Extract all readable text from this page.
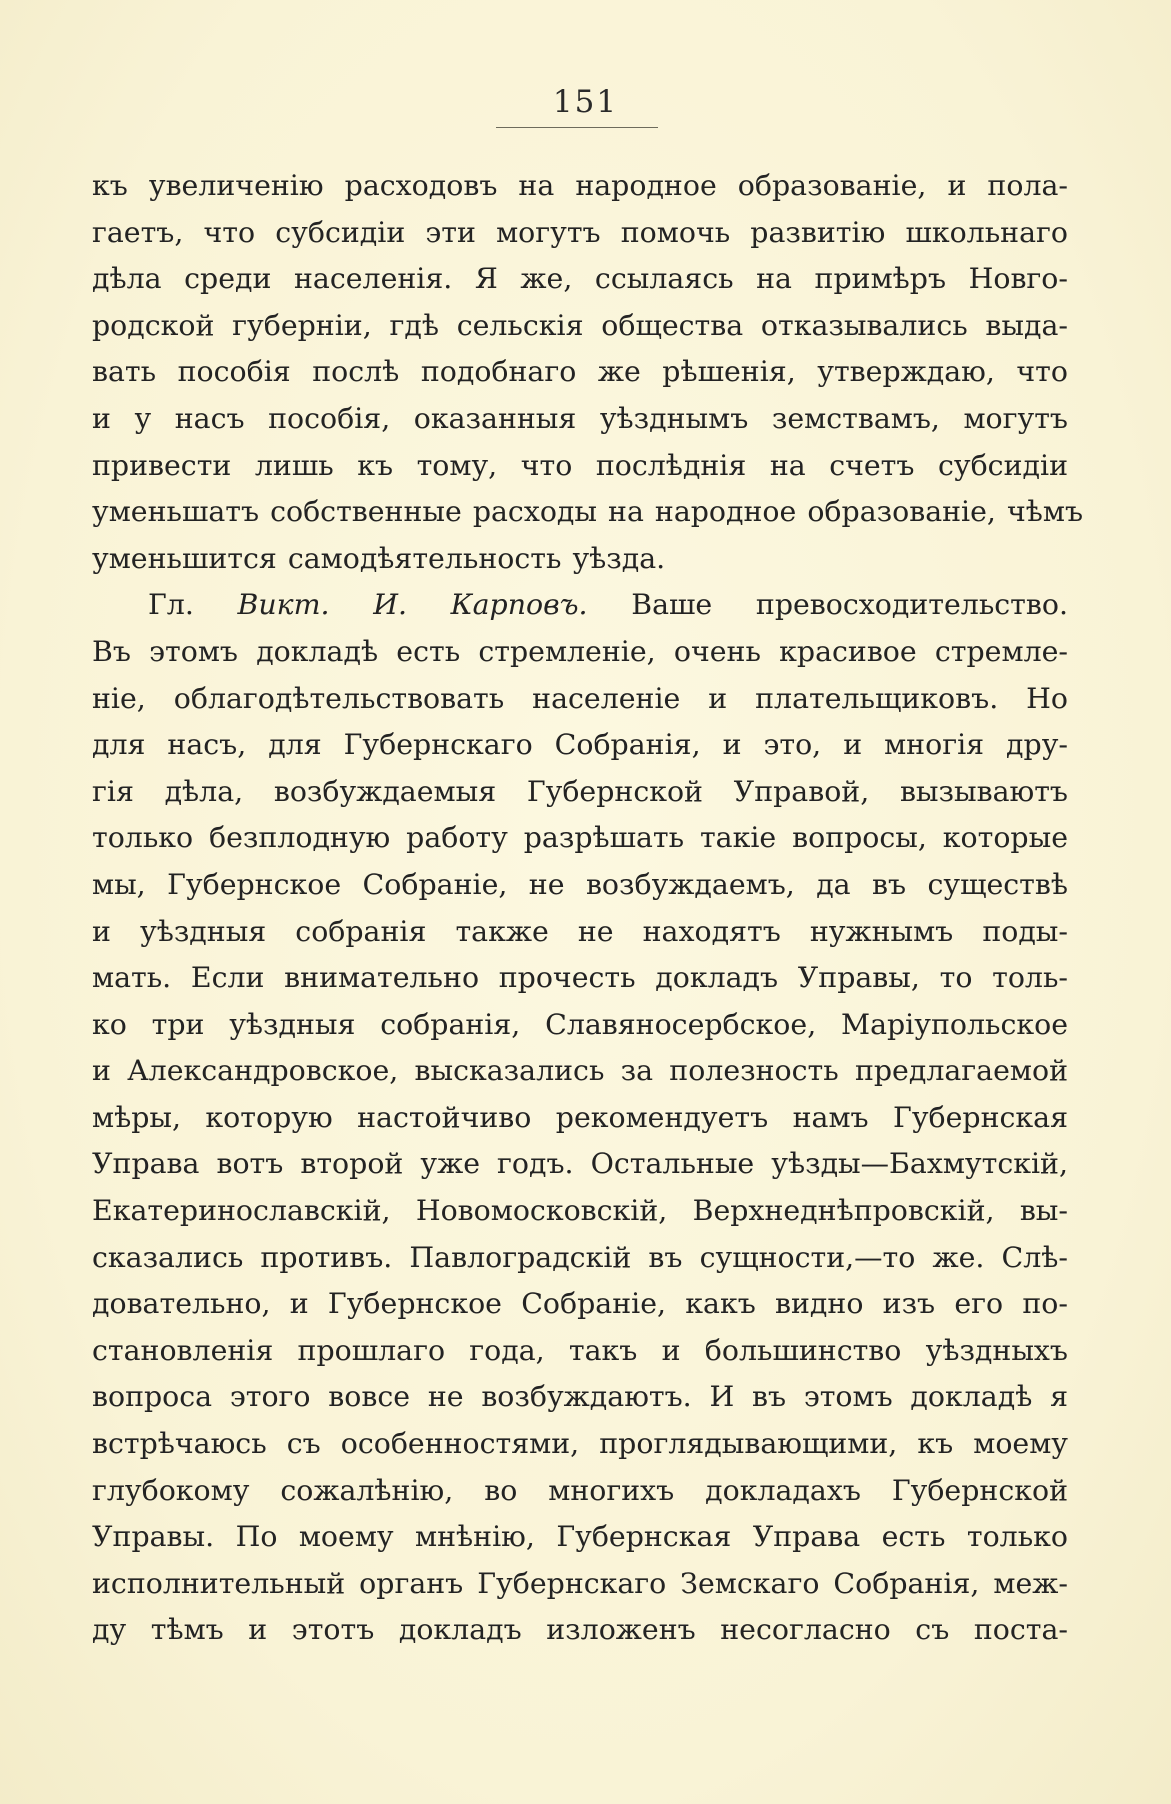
151
къ увеличенію расходовъ на народное образованіе, и пола-
гаетъ, что субсидіи эти могутъ помочь развитію школьнаго
дѣла среди населенія. Я же, ссылаясь на примѣръ Новго-
родской губерніи, гдѣ сельскія общества отказывались выда-
вать пособія послѣ подобнаго же рѣшенія, утверждаю, что
и у насъ пособія, оказанныя уѣзднымъ земствамъ, могутъ
привести лишь къ тому, что послѣднія на счетъ субсидіи
уменьшатъ собственные расходы на народное образованіе, чѣмъ
уменьшится самодѣятельность уѣзда.
Гл. Викт. И. Карповъ. Ваше превосходительство.
Въ этомъ докладѣ есть стремленіе, очень красивое стремле-
ніе, облагодѣтельствовать населеніе и плательщиковъ. Но
для насъ, для Губернскаго Собранія, и это, и многія дру-
гія дѣла, возбуждаемыя Губернской Управой, вызываютъ
только безплодную работу разрѣшать такіе вопросы, которые
мы, Губернское Собраніе, не возбуждаемъ, да въ существѣ
и уѣздныя собранія также не находятъ нужнымъ поды-
мать. Если внимательно прочесть докладъ Управы, то толь-
ко три уѣздныя собранія, Славяносербское, Маріупольское
и Александровское, высказались за полезность предлагаемой
мѣры, которую настойчиво рекомендуетъ намъ Губернская
Управа вотъ второй уже годъ. Остальные уѣзды—Бахмутскій,
Екатеринославскій, Новомосковскій, Верхнеднѣпровскій, вы-
сказались противъ. Павлоградскій въ сущности,—то же. Слѣ-
довательно, и Губернское Собраніе, какъ видно изъ его по-
становленія прошлаго года, такъ и большинство уѣздныхъ
вопроса этого вовсе не возбуждаютъ. И въ этомъ докладѣ я
встрѣчаюсь съ особенностями, проглядывающими, къ моему
глубокому сожалѣнію, во многихъ докладахъ Губернской
Управы. По моему мнѣнію, Губернская Управа есть только
исполнительный органъ Губернскаго Земскаго Собранія, меж-
ду тѣмъ и этотъ докладъ изложенъ несогласно съ поста-
